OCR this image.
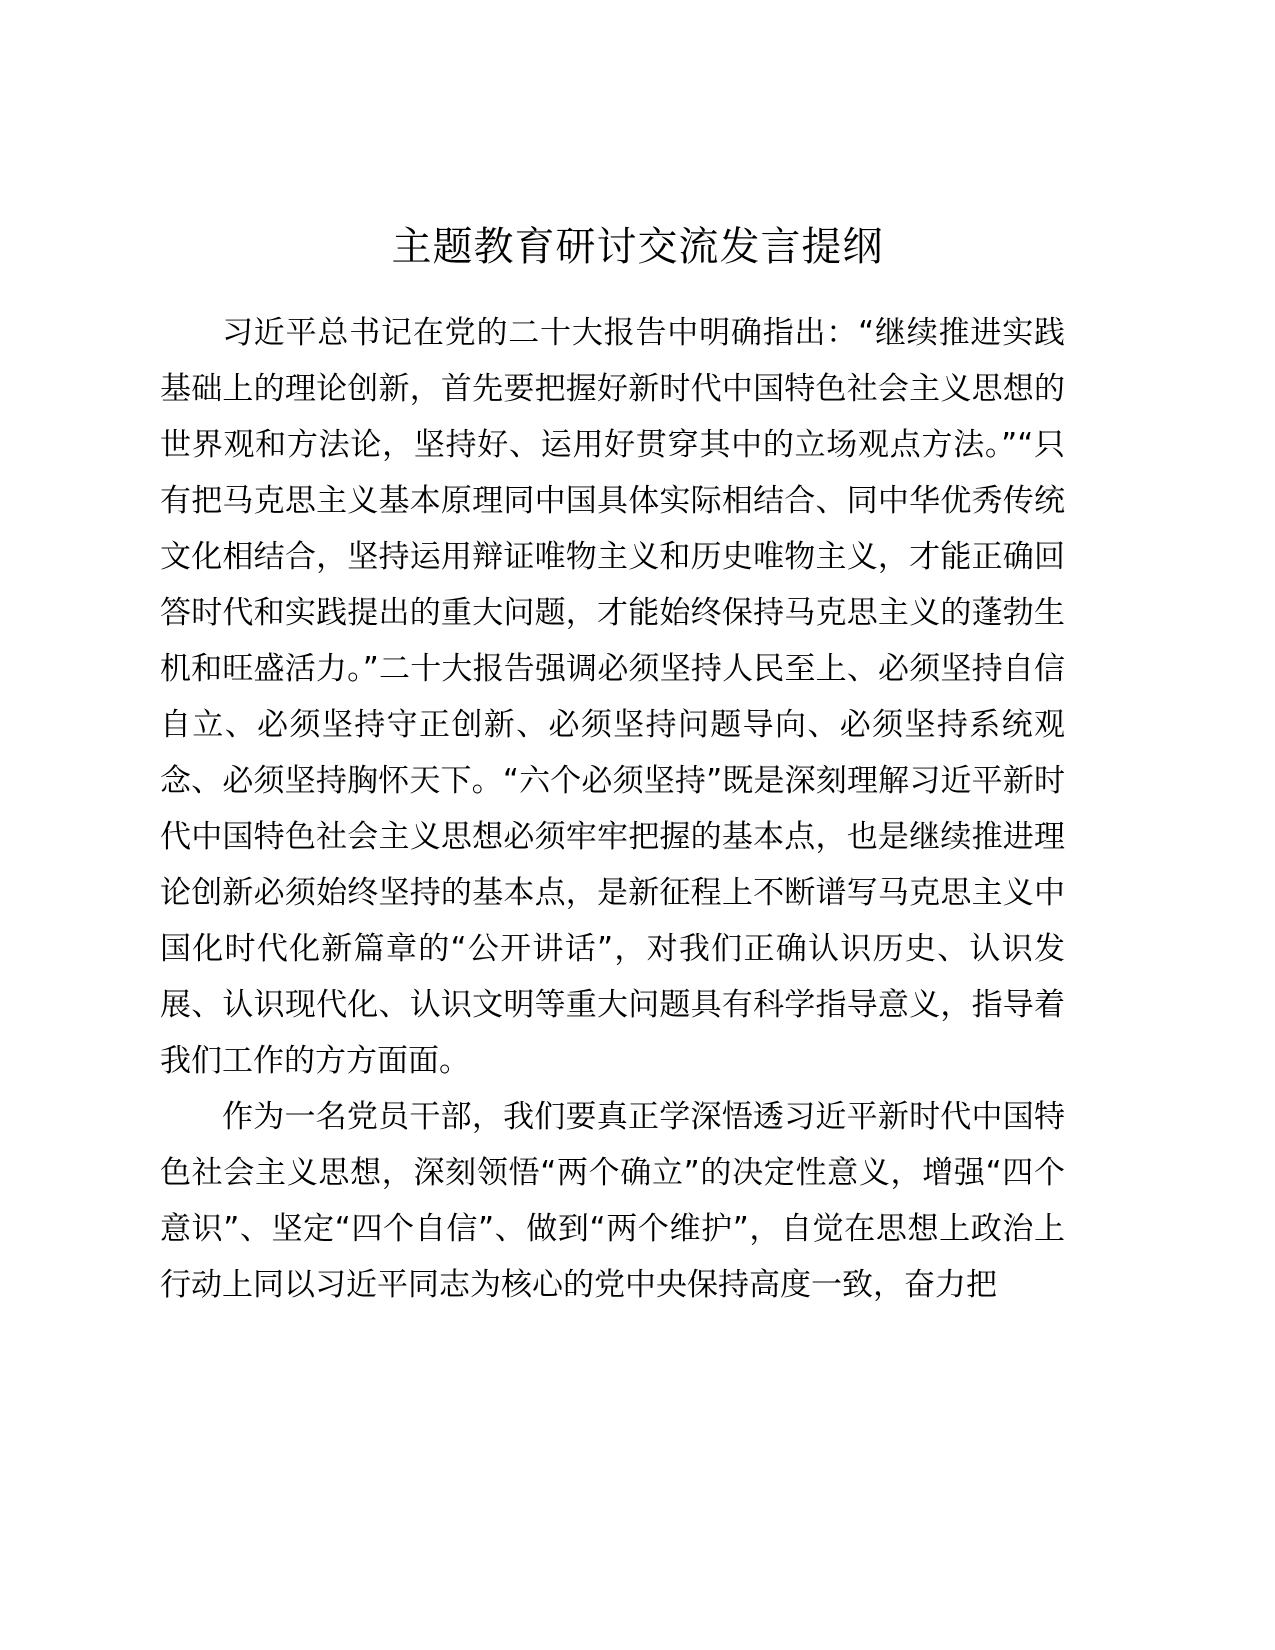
主题教育研讨交流发言提纲

习近平总书记在党的二十大报告中明确指出：“继续推进实践基础上的理论创新，首先要把握好新时代中国特色社会主义思想的世界观和方法论，坚持好、运用好贯穿其中的立场观点方法。”“只有把马克思主义基本原理同中国具体实际相结合、同中华优秀传统文化相结合，坚持运用辩证唯物主义和历史唯物主义，才能正确回答时代和实践提出的重大问题，才能始终保持马克思主义的蓬勃生机和旺盛活力。”二十大报告强调必须坚持人民至上、必须坚持自信自立、必须坚持守正创新、必须坚持问题导向、必须坚持系统观念、必须坚持胸怀天下。“六个必须坚持”既是深刻理解习近平新时代中国特色社会主义思想必须牢牢把握的基本点，也是继续推进理论创新必须始终坚持的基本点，是新征程上不断谱写马克思主义中国化时代化新篇章的“公开讲话”，对我们正确认识历史、认识发展、认识现代化、认识文明等重大问题具有科学指导意义，指导着我们工作的方方面面。

作为一名党员干部，我们要真正学深悟透习近平新时代中国特色社会主义思想，深刻领悟“两个确立”的决定性意义，增强“四个意识”、坚定“四个自信”、做到“两个维护”，自觉在思想上政治上行动上同以习近平同志为核心的党中央保持高度一致，奋力把
